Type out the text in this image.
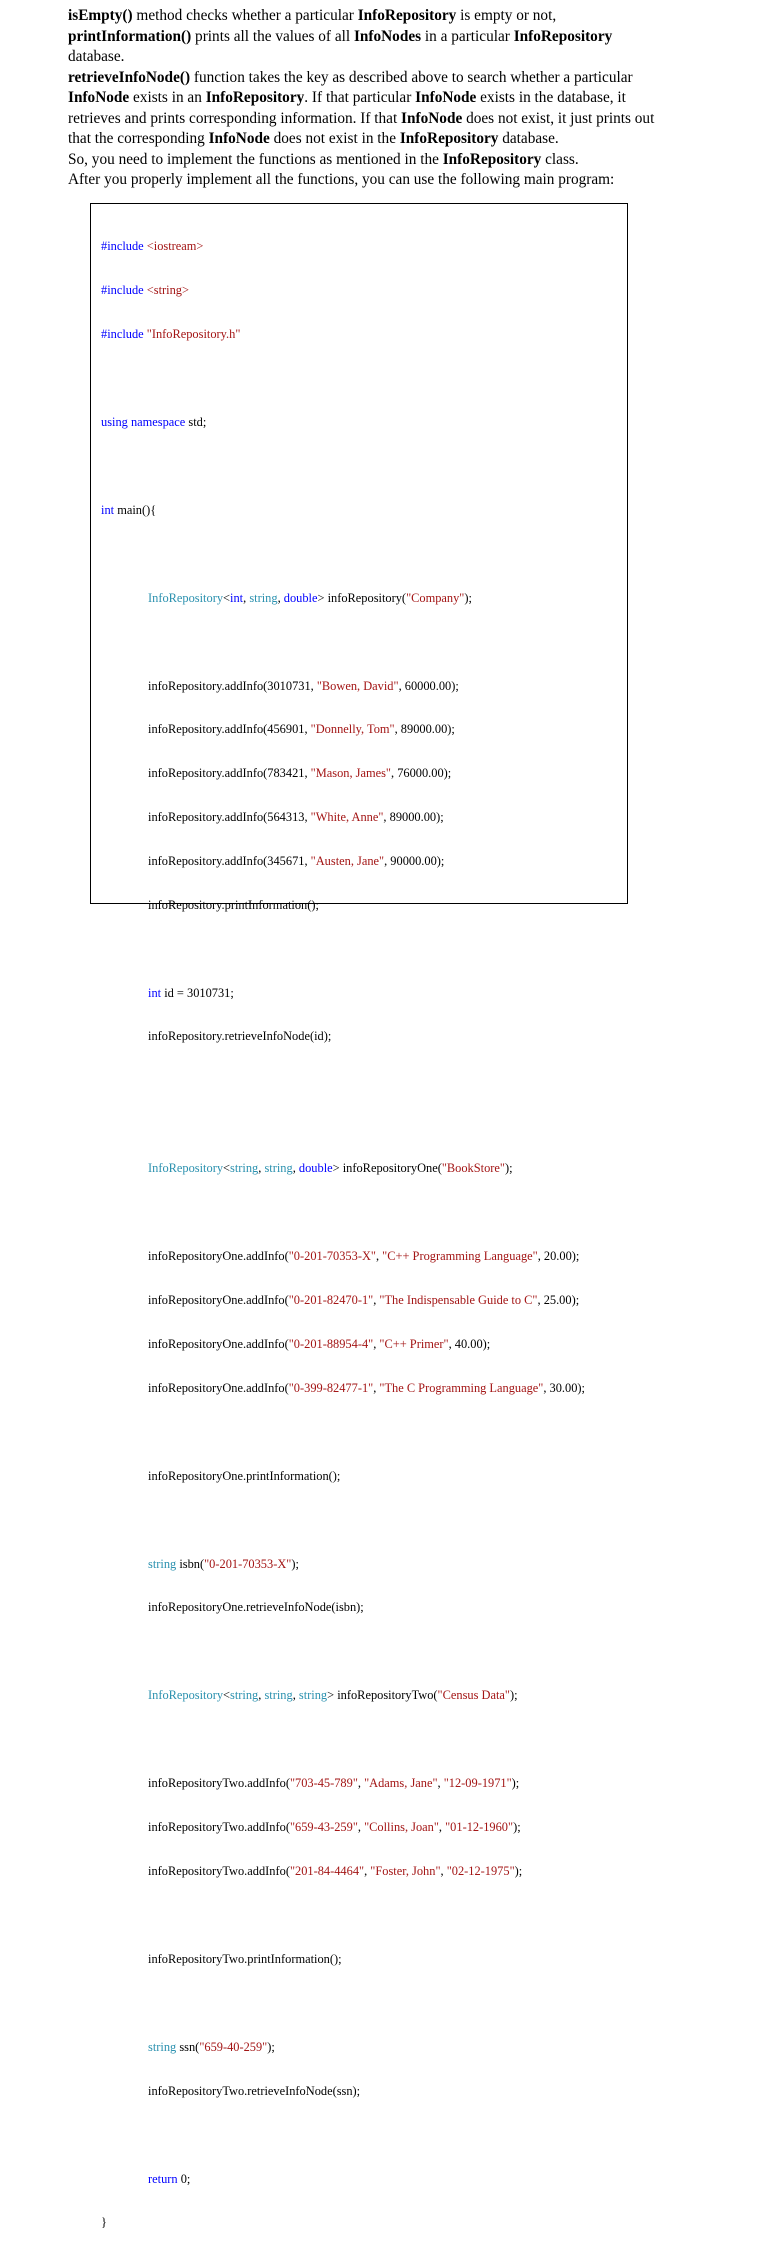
isEmpty() method checks whether a particular InfoRepository is empty or not,

printInformation() prints all the values of all InfoNodes in a particular InfoRepository

database.

retrieveInfoNode() function takes the key as described above to search whether a particular

InfoNode exists in an InfoRepository. If that particular InfoNode exists in the database, it

retrieves and prints corresponding information. If that InfoNode does not exist, it just prints out

that the corresponding InfoNode does not exist in the InfoRepository database.

So, you need to implement the functions as mentioned in the InfoRepository class.

After you properly implement all the functions, you can use the following main program:

#include <iostream>

#include <string>

#include "InfoRepository.h"

using namespace std;

int main(){

InfoRepository<int, string, double> infoRepository("Company");

infoRepository.addInfo(3010731, "Bowen, David", 60000.00);

infoRepository.addInfo(456901, "Donnelly, Tom", 89000.00);

infoRepository.addInfo(783421, "Mason, James", 76000.00);

infoRepository.addInfo(564313, "White, Anne", 89000.00);

infoRepository.addInfo(345671, "Austen, Jane", 90000.00);

infoRepository.printInformation();

int id = 3010731;

infoRepository.retrieveInfoNode(id);

InfoRepository<string, string, double> infoRepositoryOne("BookStore");

infoRepositoryOne.addInfo("0-201-70353-X", "C++ Programming Language", 20.00);

infoRepositoryOne.addInfo("0-201-82470-1", "The Indispensable Guide to C", 25.00);

infoRepositoryOne.addInfo("0-201-88954-4", "C++ Primer", 40.00);

infoRepositoryOne.addInfo("0-399-82477-1", "The C Programming Language", 30.00);

infoRepositoryOne.printInformation();

string isbn("0-201-70353-X");

infoRepositoryOne.retrieveInfoNode(isbn);

InfoRepository<string, string, string> infoRepositoryTwo("Census Data");

infoRepositoryTwo.addInfo("703-45-789", "Adams, Jane", "12-09-1971");

infoRepositoryTwo.addInfo("659-43-259", "Collins, Joan", "01-12-1960");

infoRepositoryTwo.addInfo("201-84-4464", "Foster, John", "02-12-1975");

infoRepositoryTwo.printInformation();

string ssn("659-40-259");

infoRepositoryTwo.retrieveInfoNode(ssn);

return 0;

}
